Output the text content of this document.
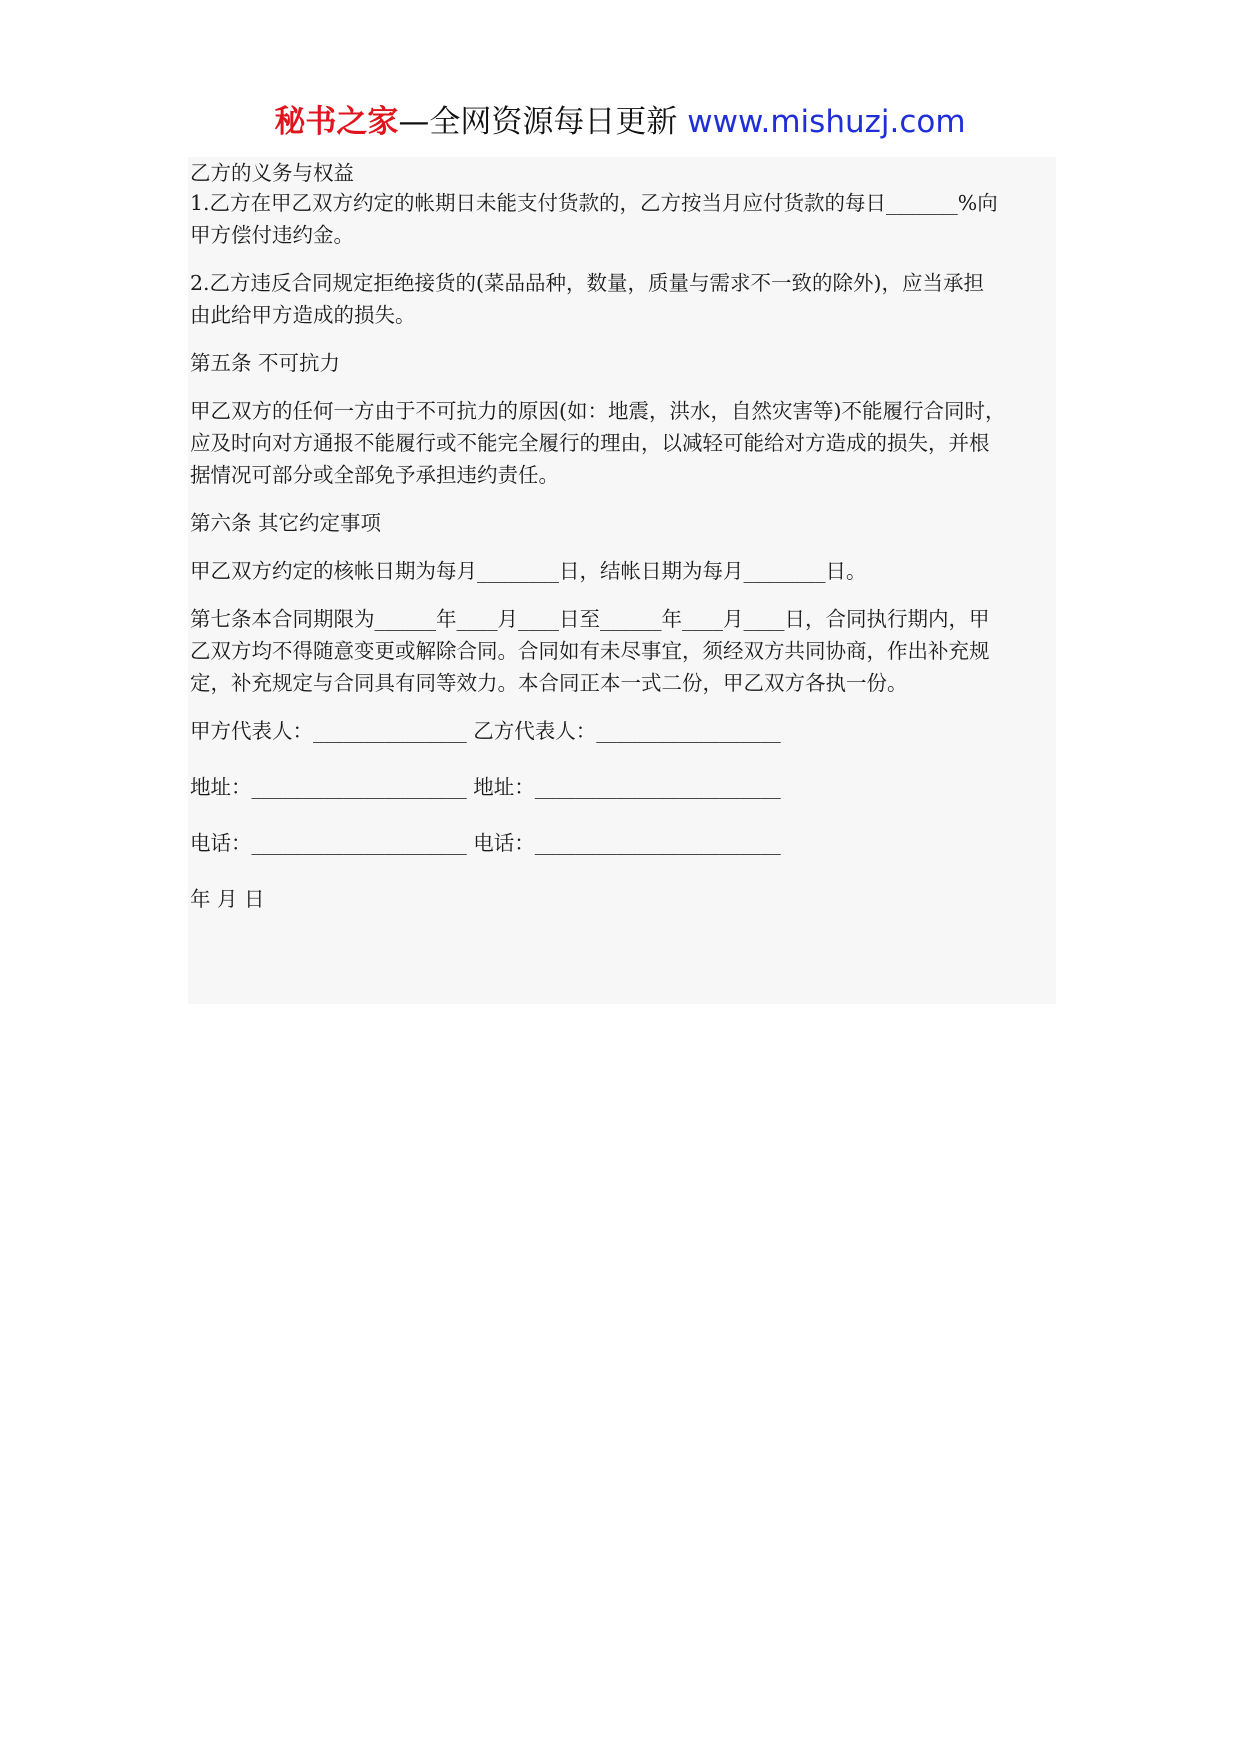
秘书之家—全网资源每日更新 www.mishuzj.com

乙方的义务与权益

1.乙方在甲乙双方约定的帐期日未能支付货款的，乙方按当月应付货款的每日_______%向

甲方偿付违约金。

2.乙方违反合同规定拒绝接货的(菜品品种，数量，质量与需求不一致的除外)，应当承担

由此给甲方造成的损失。

第五条 不可抗力

甲乙双方的任何一方由于不可抗力的原因(如：地震，洪水，自然灾害等)不能履行合同时，

应及时向对方通报不能履行或不能完全履行的理由，以减轻可能给对方造成的损失，并根

据情况可部分或全部免予承担违约责任。

第六条 其它约定事项

甲乙双方约定的核帐日期为每月________日，结帐日期为每月________日。

第七条本合同期限为______年____月____日至______年____月____日，合同执行期内，甲

乙双方均不得随意变更或解除合同。合同如有未尽事宜，须经双方共同协商，作出补充规

定，补充规定与合同具有同等效力。本合同正本一式二份，甲乙双方各执一份。

甲方代表人：_______________ 乙方代表人：__________________

地址：_____________________ 地址：________________________

电话：_____________________ 电话：________________________

年 月 日
